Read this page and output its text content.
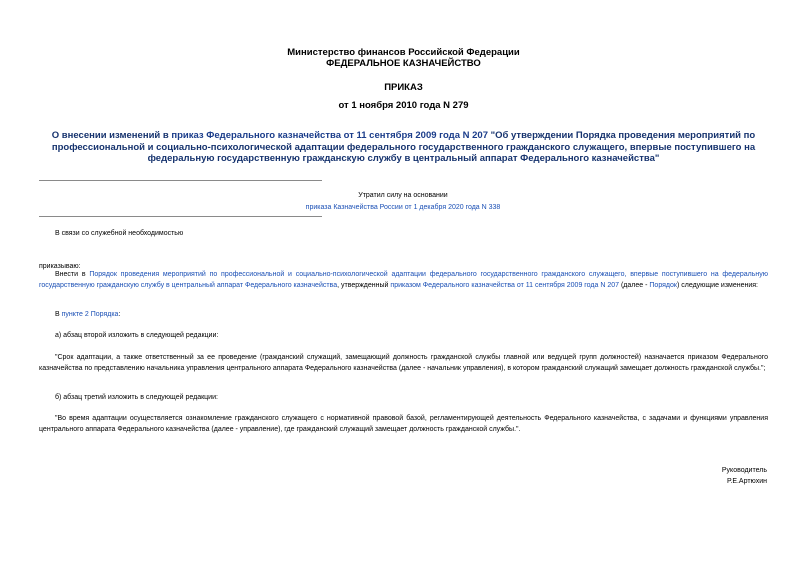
Министерство финансов Российской Федерации
ФЕДЕРАЛЬНОЕ КАЗНАЧЕЙСТВО
ПРИКАЗ
от 1 ноября 2010 года N 279
О внесении изменений в приказ Федерального казначейства от 11 сентября 2009 года N 207 "Об утверждении Порядка проведения мероприятий по профессиональной и социально-психологической адаптации федерального государственного гражданского служащего, впервые поступившего на федеральную государственную гражданскую службу в центральный аппарат Федерального казначейства"
Утратил силу на основании
приказа Казначейства России от 1 декабря 2020 года N 338
В связи со служебной необходимостью
приказываю:
Внести в Порядок проведения мероприятий по профессиональной и социально-психологической адаптации федерального государственного гражданского служащего, впервые поступившего на федеральную государственную гражданскую службу в центральный аппарат Федерального казначейства, утвержденный приказом Федерального казначейства от 11 сентября 2009 года N 207 (далее - Порядок) следующие изменения:
В пункте 2 Порядка:
а) абзац второй изложить в следующей редакции:
"Срок адаптации, а также ответственный за ее проведение (гражданский служащий, замещающий должность гражданской службы главной или ведущей групп должностей) назначается приказом Федерального казначейства по представлению начальника управления центрального аппарата Федерального казначейства (далее - начальник управления), в котором гражданский служащий замещает должность гражданской службы.";
б) абзац третий изложить в следующей редакции:
"Во время адаптации осуществляется ознакомление гражданского служащего с нормативной правовой базой, регламентирующей деятельность Федерального казначейства, с задачами и функциями управления центрального аппарата Федерального казначейства (далее - управление), где гражданский служащий замещает должность гражданской службы.".
Руководитель
Р.Е.Артюхин
